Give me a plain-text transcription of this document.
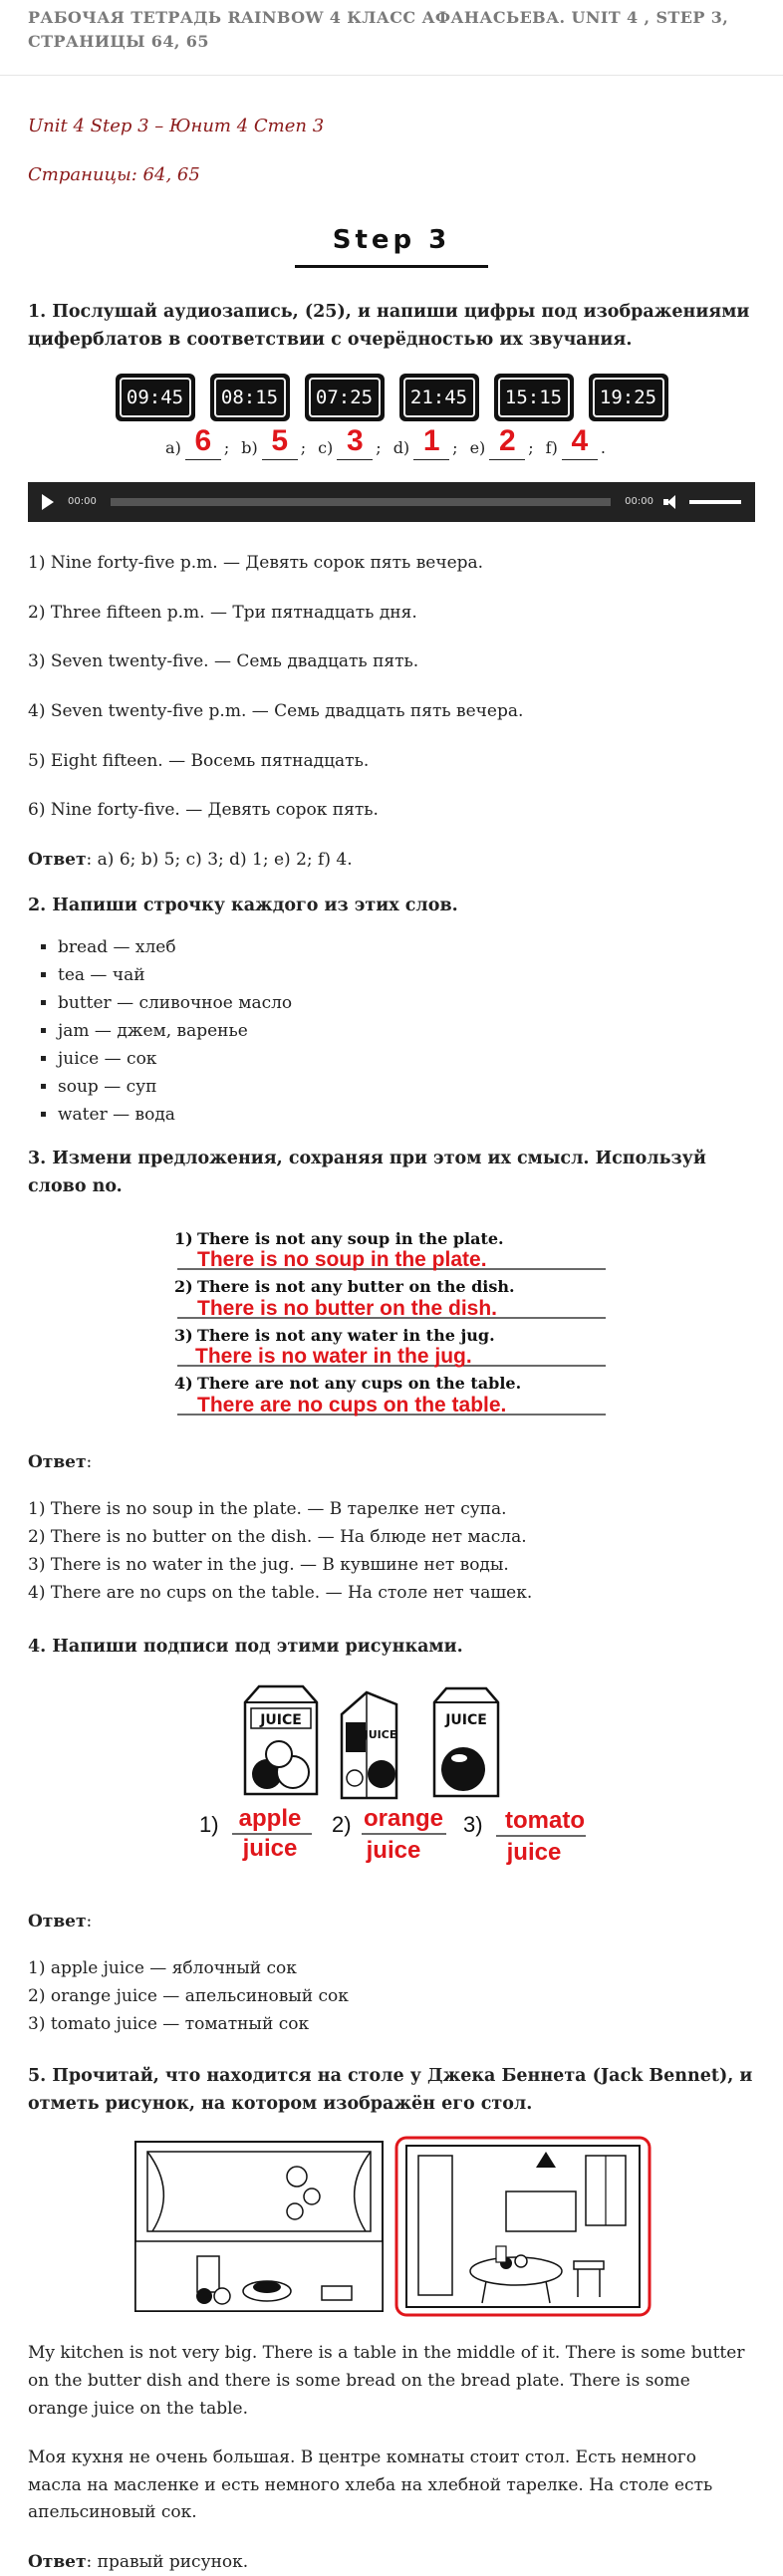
РАБОЧАЯ ТЕТРАДЬ RAINBOW 4 КЛАСС АФАНАСЬЕВА. UNIT 4 , STEP 3, СТРАНИЦЫ 64, 65

Unit 4 Step 3 – Юнит 4 Степ 3

Страницы: 64, 65

Step 3

1. Послушай аудиозапись, (25), и напиши цифры под изображениями циферблатов в соответствии с очерёдностью их звучания.

09:45	08:15	07:25	21:45	15:15	19:25
a) 6 ; b) 5 ; c) 3 ; d) 1 ; e) 2 ; f) 4 .
00:00	00:00

1) Nine forty-five p.m. — Девять сорок пять вечера.

2) Three fifteen p.m. — Три пятнадцать дня.

3) Seven twenty-five. — Семь двадцать пять.

4) Seven twenty-five p.m. — Семь двадцать пять вечера.

5) Eight fifteen. — Восемь пятнадцать.

6) Nine forty-five. — Девять сорок пять.

Ответ: a) 6; b) 5; c) 3; d) 1; e) 2; f) 4.

2. Напиши строчку каждого из этих слов.

▪ bread — хлеб
▪ tea — чай
▪ butter — сливочное масло
▪ jam — джем, варенье
▪ juice — сок
▪ soup — суп
▪ water — вода

3. Измени предложения, сохраняя при этом их смысл. Используй слово no.

1) There is not any soup in the plate.
2) There is not any butter on the dish.
3) There is not any water in the jug.
4) There are not any cups on the table.
There is no soup in the plate.
There is no butter on the dish.
There is no water in the jug.
There are no cups on the table.

Ответ:

1) There is no soup in the plate. — В тарелке нет супа.

2) There is no butter on the dish. — На блюде нет масла.

3) There is no water in the jug. — В кувшине нет воды.

4) There are no cups on the table. — На столе нет чашек.

4. Напиши подписи под этими рисунками.

JUICE
JUICE
JUICE
1)	2)	3)
apple
juice
orange
juice
tomato
juice

Ответ:

1) apple juice — яблочный сок

2) orange juice — апельсиновый сок

3) tomato juice — томатный сок

5. Прочитай, что находится на столе у Джека Беннета (Jack Bennet), и отметь рисунок, на котором изображён его стол.

My kitchen is not very big. There is a table in the middle of it. There is some butter on the butter dish and there is some bread on the bread plate. There is some orange juice on the table.

Моя кухня не очень большая. В центре комнаты стоит стол. Есть немного масла на масленке и есть немного хлеба на хлебной тарелке. На столе есть апельсиновый сок.

Ответ: правый рисунок.
